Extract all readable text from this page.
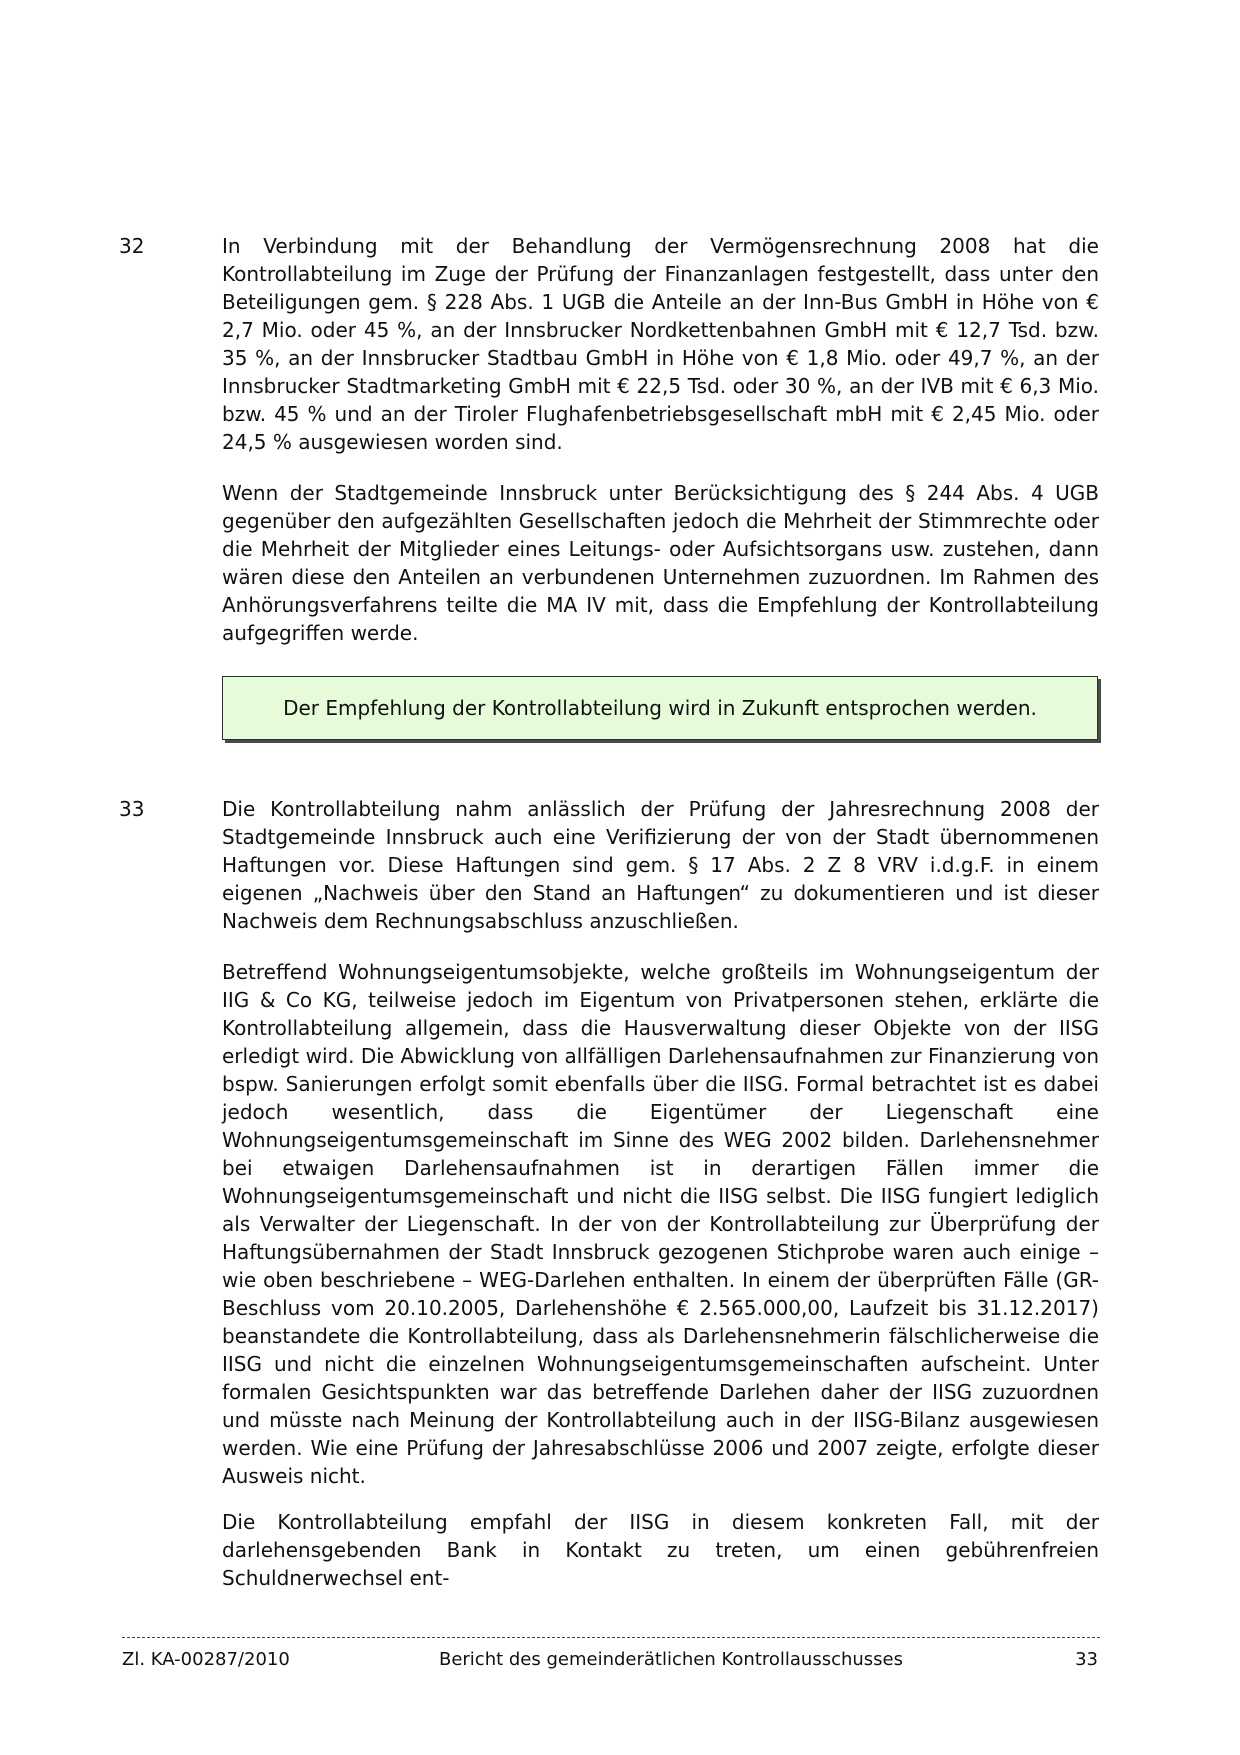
32	In Verbindung mit der Behandlung der Vermögensrechnung 2008 hat die Kontrollabteilung im Zuge der Prüfung der Finanzanlagen festgestellt, dass unter den Beteiligungen gem. § 228 Abs. 1 UGB die Anteile an der Inn-Bus GmbH in Höhe von € 2,7 Mio. oder 45 %, an der Innsbrucker Nordkettenbahnen GmbH mit € 12,7 Tsd. bzw. 35 %, an der Innsbrucker Stadtbau GmbH in Höhe von € 1,8 Mio. oder 49,7 %, an der Innsbrucker Stadtmarketing GmbH mit € 22,5 Tsd. oder 30 %, an der IVB mit € 6,3 Mio. bzw. 45 % und an der Tiroler Flughafenbetriebsgesellschaft mbH mit € 2,45 Mio. oder 24,5 % ausgewiesen worden sind.

Wenn der Stadtgemeinde Innsbruck unter Berücksichtigung des § 244 Abs. 4 UGB gegenüber den aufgezählten Gesellschaften jedoch die Mehrheit der Stimmrechte oder die Mehrheit der Mitglieder eines Leitungs- oder Aufsichtsorgans usw. zustehen, dann wären diese den Anteilen an verbundenen Unternehmen zuzuordnen. Im Rahmen des Anhörungsverfahrens teilte die MA IV mit, dass die Empfehlung der Kontrollabteilung aufgegriffen werde.

Der Empfehlung der Kontrollabteilung wird in Zukunft entsprochen werden.
33	Die Kontrollabteilung nahm anlässlich der Prüfung der Jahresrechnung 2008 der Stadtgemeinde Innsbruck auch eine Verifizierung der von der Stadt übernommenen Haftungen vor. Diese Haftungen sind gem. § 17 Abs. 2 Z 8 VRV i.d.g.F. in einem eigenen „Nachweis über den Stand an Haftungen“ zu dokumentieren und ist dieser Nachweis dem Rechnungsabschluss anzuschließen.

Betreffend Wohnungseigentumsobjekte, welche großteils im Wohnungseigentum der IIG & Co KG, teilweise jedoch im Eigentum von Privatpersonen stehen, erklärte die Kontrollabteilung allgemein, dass die Hausverwaltung dieser Objekte von der IISG erledigt wird. Die Abwicklung von allfälligen Darlehensaufnahmen zur Finanzierung von bspw. Sanierungen erfolgt somit ebenfalls über die IISG. Formal betrachtet ist es dabei jedoch wesentlich, dass die Eigentümer der Liegenschaft eine Wohnungseigentumsgemeinschaft im Sinne des WEG 2002 bilden. Darlehensnehmer bei etwaigen Darlehensaufnahmen ist in derartigen Fällen immer die Wohnungseigentumsgemeinschaft und nicht die IISG selbst. Die IISG fungiert lediglich als Verwalter der Liegenschaft. In der von der Kontrollabteilung zur Überprüfung der Haftungsübernahmen der Stadt Innsbruck gezogenen Stichprobe waren auch einige – wie oben beschriebene – WEG-Darlehen enthalten. In einem der überprüften Fälle (GR-Beschluss vom 20.10.2005, Darlehenshöhe € 2.565.000,00, Laufzeit bis 31.12.2017) beanstandete die Kontrollabteilung, dass als Darlehensnehmerin fälschlicherweise die IISG und nicht die einzelnen Wohnungseigentumsgemeinschaften aufscheint. Unter formalen Gesichtspunkten war das betreffende Darlehen daher der IISG zuzuordnen und müsste nach Meinung der Kontrollabteilung auch in der IISG-Bilanz ausgewiesen werden. Wie eine Prüfung der Jahresabschlüsse 2006 und 2007 zeigte, erfolgte dieser Ausweis nicht.

Die Kontrollabteilung empfahl der IISG in diesem konkreten Fall, mit der darlehensgebenden Bank in Kontakt zu treten, um einen gebührenfreien Schuldnerwechsel ent-

Zl. KA-00287/2010	Bericht des gemeinderätlichen Kontrollausschusses	33
